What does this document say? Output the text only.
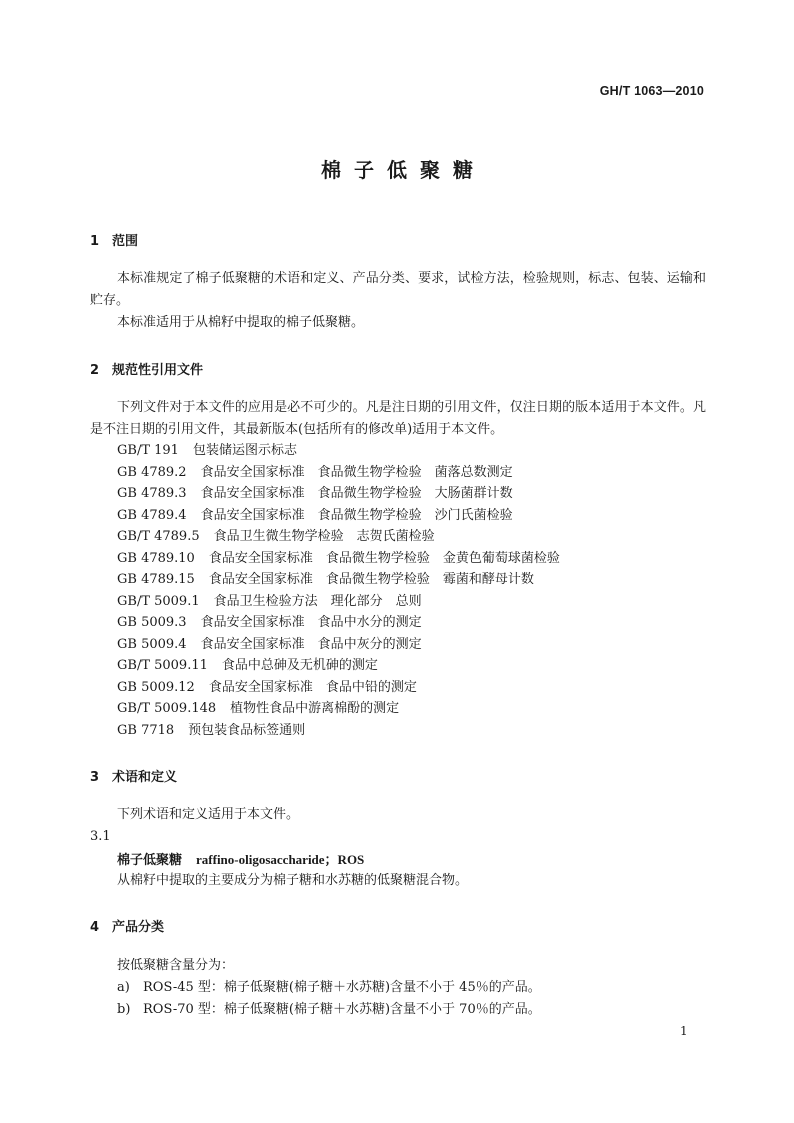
GH/T 1063—2010
棉子低聚糖
1 范围
本标准规定了棉子低聚糖的术语和定义、产品分类、要求，试检方法，检验规则，标志、包装、运输和贮存。
本标准适用于从棉籽中提取的棉子低聚糖。
2 规范性引用文件
下列文件对于本文件的应用是必不可少的。凡是注日期的引用文件，仅注日期的版本适用于本文件。凡是不注日期的引用文件，其最新版本(包括所有的修改单)适用于本文件。
GB/T 191 包装储运图示标志
GB 4789.2 食品安全国家标准　食品微生物学检验　菌落总数测定
GB 4789.3 食品安全国家标准　食品微生物学检验　大肠菌群计数
GB 4789.4 食品安全国家标准　食品微生物学检验　沙门氏菌检验
GB/T 4789.5 食品卫生微生物学检验　志贺氏菌检验
GB 4789.10 食品安全国家标准　食品微生物学检验　金黄色葡萄球菌检验
GB 4789.15 食品安全国家标准　食品微生物学检验　霉菌和酵母计数
GB/T 5009.1 食品卫生检验方法　理化部分　总则
GB 5009.3 食品安全国家标准　食品中水分的测定
GB 5009.4 食品安全国家标准　食品中灰分的测定
GB/T 5009.11 食品中总砷及无机砷的测定
GB 5009.12 食品安全国家标准　食品中铅的测定
GB/T 5009.148 植物性食品中游离棉酚的测定
GB 7718 预包装食品标签通则
3 术语和定义
下列术语和定义适用于本文件。
3.1
棉子低聚糖 raffino-oligosaccharide；ROS
从棉籽中提取的主要成分为棉子糖和水苏糖的低聚糖混合物。
4 产品分类
按低聚糖含量分为：
a) ROS-45 型：棉子低聚糖(棉子糖＋水苏糖)含量不小于 45％的产品。
b) ROS-70 型：棉子低聚糖(棉子糖＋水苏糖)含量不小于 70％的产品。
1
